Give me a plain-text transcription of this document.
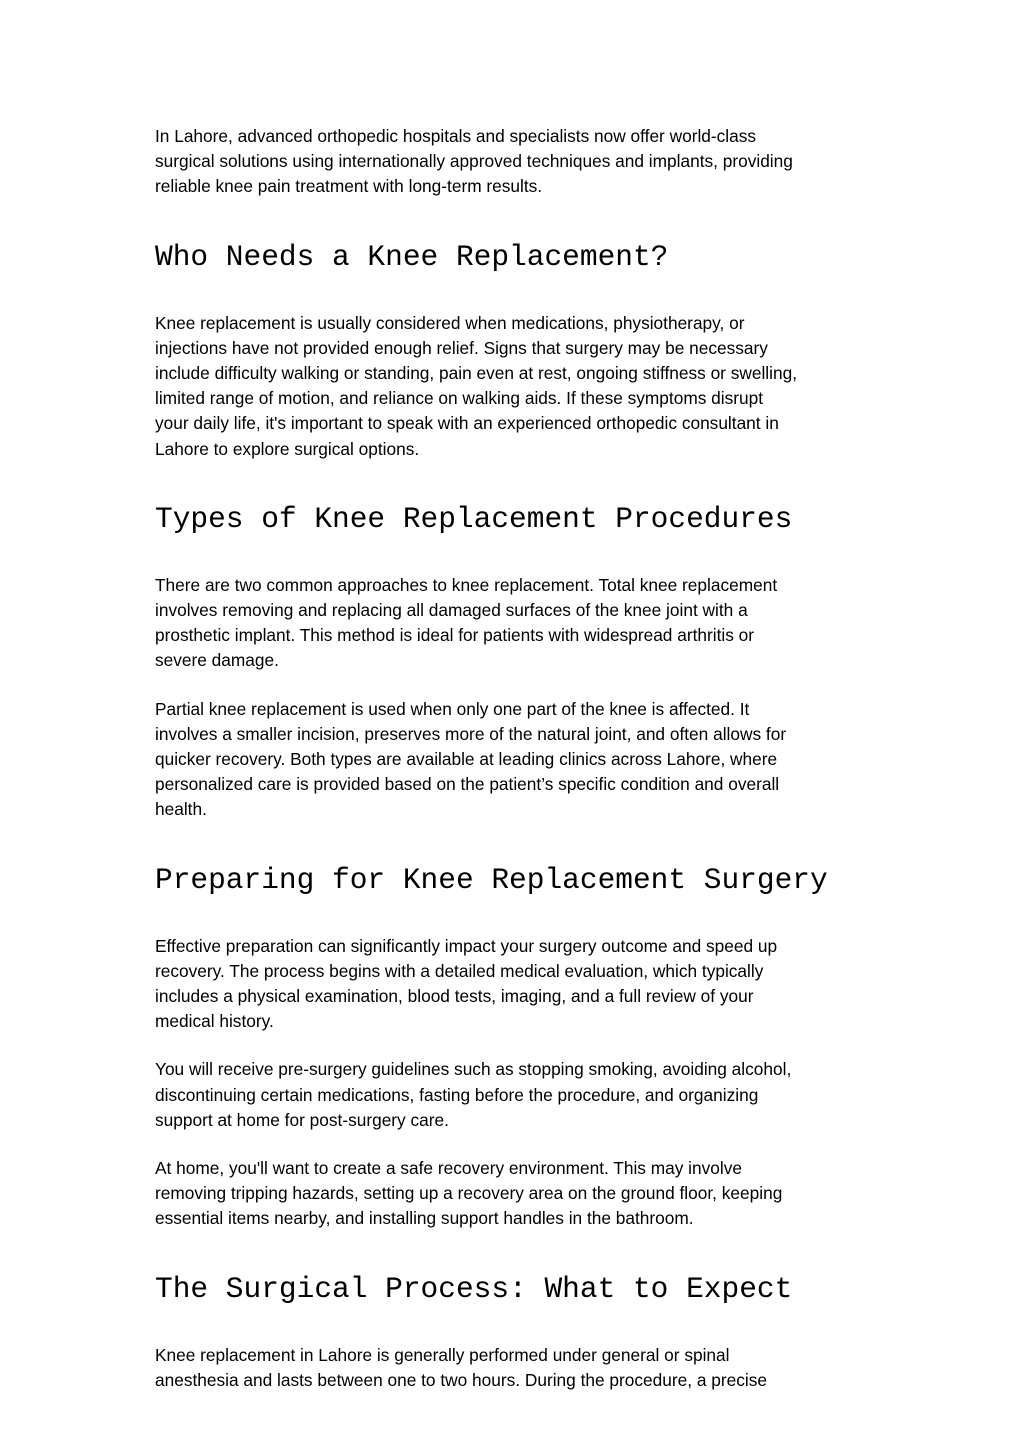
In Lahore, advanced orthopedic hospitals and specialists now offer world-class
surgical solutions using internationally approved techniques and implants, providing
reliable knee pain treatment with long-term results.

Who Needs a Knee Replacement?

Knee replacement is usually considered when medications, physiotherapy, or
injections have not provided enough relief. Signs that surgery may be necessary
include difficulty walking or standing, pain even at rest, ongoing stiffness or swelling,
limited range of motion, and reliance on walking aids. If these symptoms disrupt
your daily life, it's important to speak with an experienced orthopedic consultant in
Lahore to explore surgical options.

Types of Knee Replacement Procedures

There are two common approaches to knee replacement. Total knee replacement
involves removing and replacing all damaged surfaces of the knee joint with a
prosthetic implant. This method is ideal for patients with widespread arthritis or
severe damage.

Partial knee replacement is used when only one part of the knee is affected. It
involves a smaller incision, preserves more of the natural joint, and often allows for
quicker recovery. Both types are available at leading clinics across Lahore, where
personalized care is provided based on the patient’s specific condition and overall
health.

Preparing for Knee Replacement Surgery

Effective preparation can significantly impact your surgery outcome and speed up
recovery. The process begins with a detailed medical evaluation, which typically
includes a physical examination, blood tests, imaging, and a full review of your
medical history.

You will receive pre-surgery guidelines such as stopping smoking, avoiding alcohol,
discontinuing certain medications, fasting before the procedure, and organizing
support at home for post-surgery care.

At home, you'll want to create a safe recovery environment. This may involve
removing tripping hazards, setting up a recovery area on the ground floor, keeping
essential items nearby, and installing support handles in the bathroom.

The Surgical Process: What to Expect

Knee replacement in Lahore is generally performed under general or spinal
anesthesia and lasts between one to two hours. During the procedure, a precise
